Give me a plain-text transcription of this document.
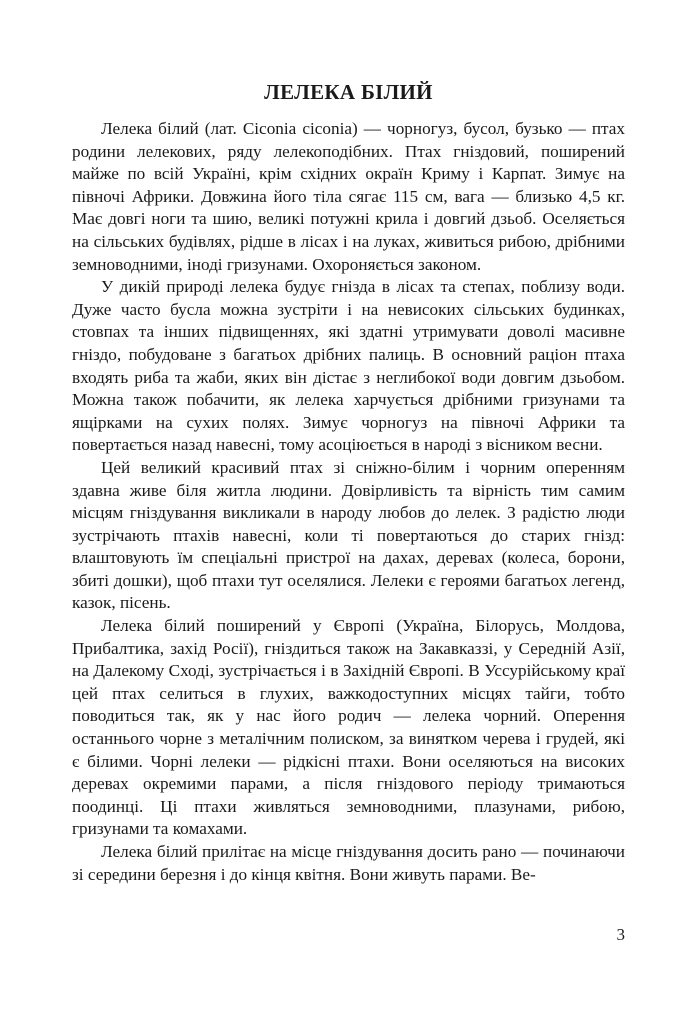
ЛЕЛЕКА БІЛИЙ

Лелека білий (лат. Ciconia ciconia) — чорногуз, бусол, бузько — птах родини лелекових, ряду лелекоподібних. Птах гніздовий, поширений майже по всій Україні, крім східних окраїн Криму і Карпат. Зимує на півночі Африки. Довжина його тіла сягає 115 см, вага — близько 4,5 кг. Має довгі ноги та шию, великі потужні крила і довгий дзьоб. Оселяється на сільських будівлях, рідше в лісах і на луках, живиться рибою, дрібними земноводними, іноді гризунами. Охороняється законом.

У дикій природі лелека будує гнізда в лісах та степах, поблизу води. Дуже часто бусла можна зустріти і на невисоких сільських будинках, стовпах та інших підвищеннях, які здатні утримувати доволі масивне гніздо, побудоване з багатьох дрібних палиць. В основний раціон птаха входять риба та жаби, яких він дістає з неглибокої води довгим дзьобом. Можна також побачити, як лелека харчується дрібними гризунами та ящірками на сухих полях. Зимує чорногуз на півночі Африки та повертається назад навесні, тому асоціюється в народі з вісником весни.

Цей великий красивий птах зі сніжно-білим і чорним оперенням здавна живе біля житла людини. Довірливість та вірність тим самим місцям гніздування викликали в народу любов до лелек. З радістю люди зустрічають птахів навесні, коли ті повертаються до старих гнізд: влаштовують їм спеціальні пристрої на дахах, деревах (колеса, борони, збиті дошки), щоб птахи тут оселялися. Лелеки є героями багатьох легенд, казок, пісень.

Лелека білий поширений у Європі (Україна, Білорусь, Молдова, Прибалтика, захід Росії), гніздиться також на Закавказзі, у Середній Азії, на Далекому Сході, зустрічається і в Західній Європі. В Уссурійському краї цей птах селиться в глухих, важкодоступних місцях тайги, тобто поводиться так, як у нас його родич — лелека чорний. Оперення останнього чорне з металічним полиском, за винятком черева і грудей, які є білими. Чорні лелеки — рідкісні птахи. Вони оселяються на високих деревах окремими парами, а після гніздового періоду тримаються поодинці. Ці птахи живляться земноводними, плазунами, рибою, гризунами та комахами.

Лелека білий прилітає на місце гніздування досить рано — починаючи зі середини березня і до кінця квітня. Вони живуть парами. Ве-

3
